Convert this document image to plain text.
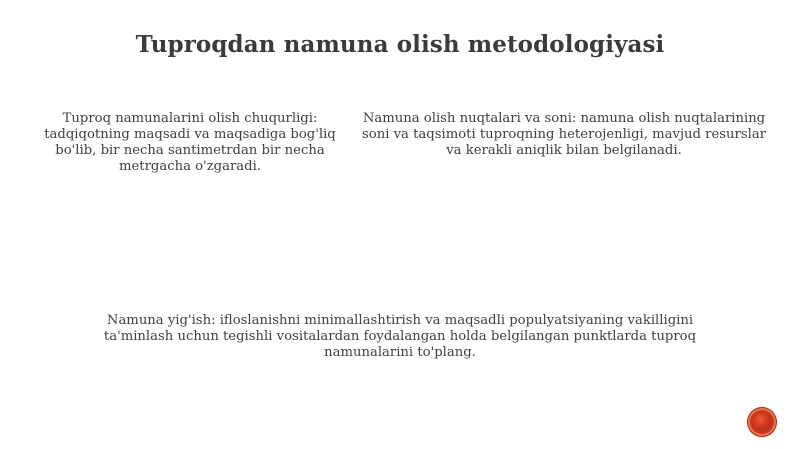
Tuproqdan namuna olish metodologiyasi
Tuproq namunalarini olish chuqurligi: tadqiqotning maqsadi va maqsadiga bog'liq bo'lib, bir necha santimetrdan bir necha metrgacha o'zgaradi.
Namuna olish nuqtalari va soni: namuna olish nuqtalarining soni va taqsimoti tuproqning heterojenligi, mavjud resurslar va kerakli aniqlik bilan belgilanadi.
Namuna yig'ish: ifloslanishni minimallashtirish va maqsadli populyatsiyaning vakilligini ta'minlash uchun tegishli vositalardan foydalangan holda belgilangan punktlarda tuproq namunalarini to'plang.
